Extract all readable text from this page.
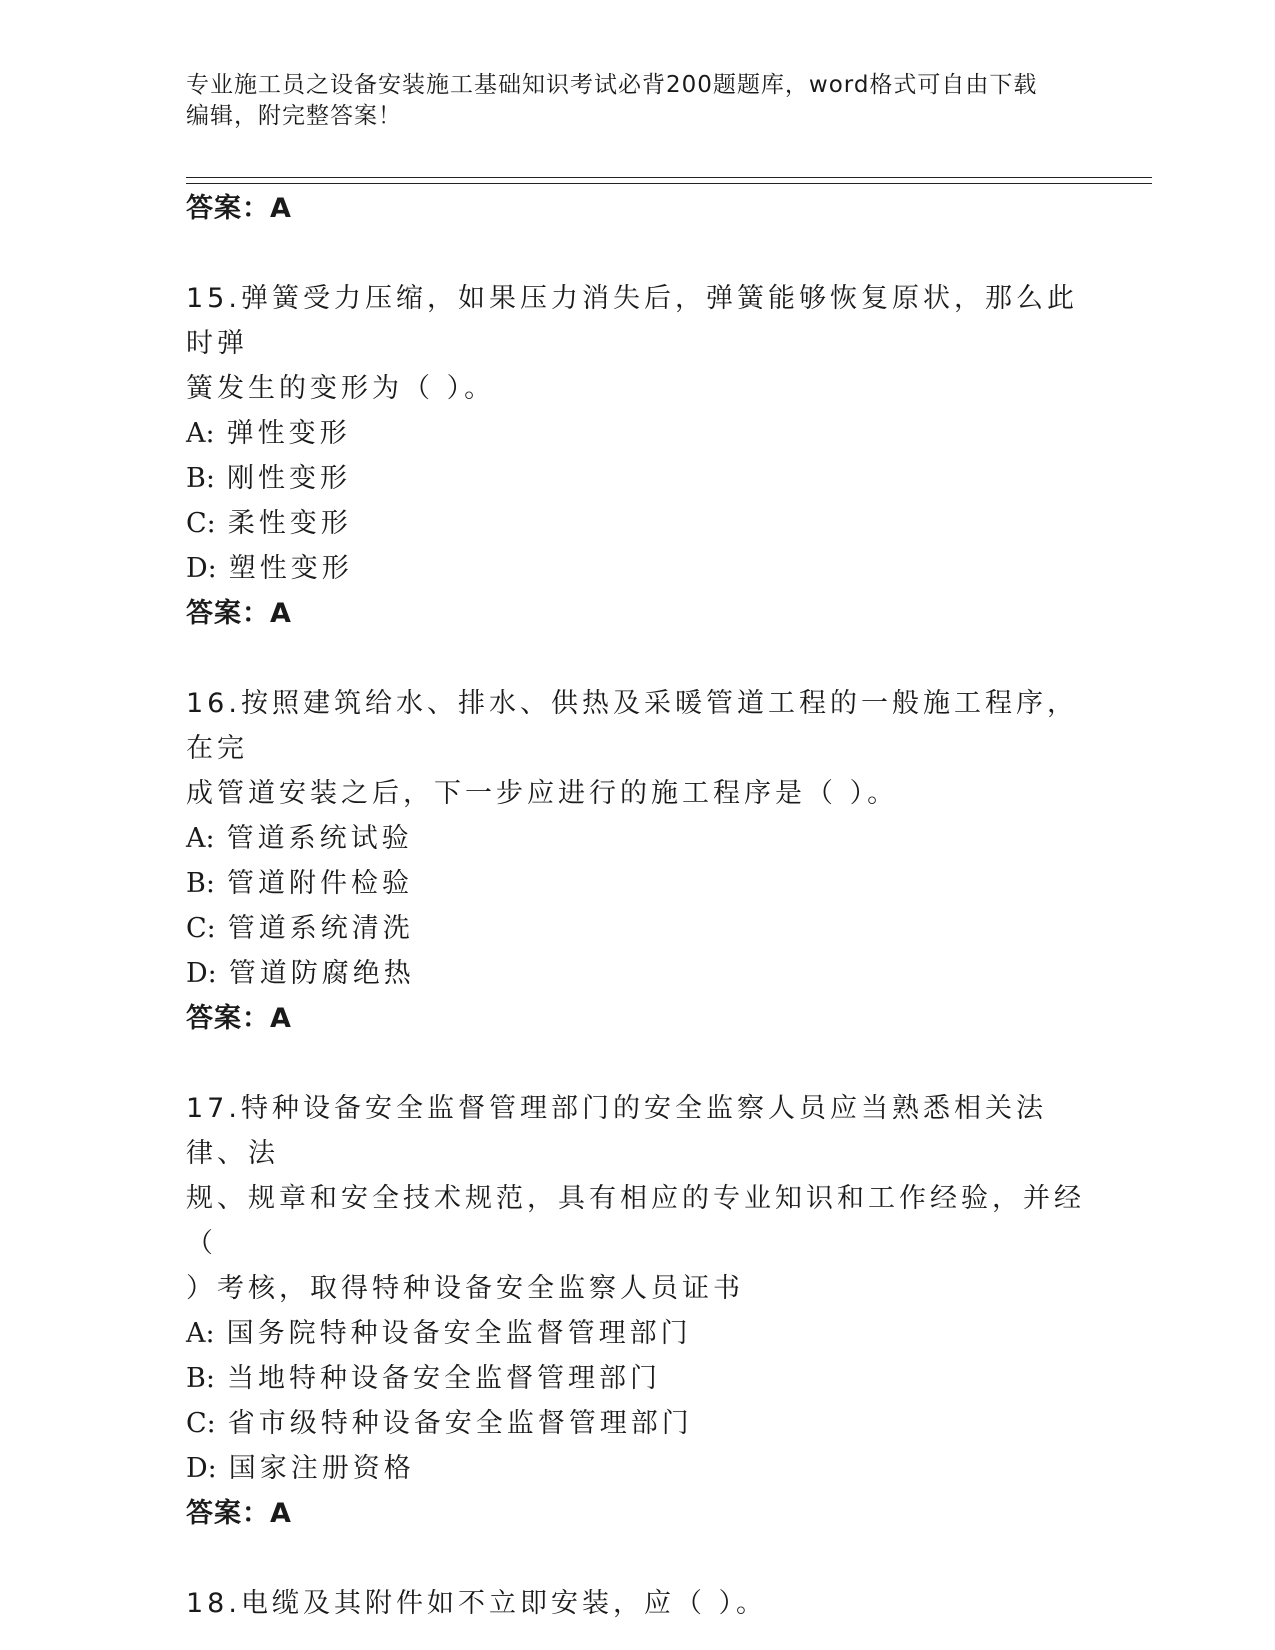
专业施工员之设备安装施工基础知识考试必背200题题库，word格式可自由下载
编辑，附完整答案！
答案：A
15.弹簧受力压缩，如果压力消失后，弹簧能够恢复原状，那么此时弹
簧发生的变形为（ ）。
A: 弹性变形
B: 刚性变形
C: 柔性变形
D: 塑性变形
答案：A
16.按照建筑给水、排水、供热及采暖管道工程的一般施工程序，在完
成管道安装之后，下一步应进行的施工程序是（ ）。
A: 管道系统试验
B: 管道附件检验
C: 管道系统清洗
D: 管道防腐绝热
答案：A
17.特种设备安全监督管理部门的安全监察人员应当熟悉相关法律、法
规、规章和安全技术规范，具有相应的专业知识和工作经验，并经（
）考核，取得特种设备安全监察人员证书
A: 国务院特种设备安全监督管理部门
B: 当地特种设备安全监督管理部门
C: 省市级特种设备安全监督管理部门
D: 国家注册资格
答案：A
18.电缆及其附件如不立即安装，应（ ）。
